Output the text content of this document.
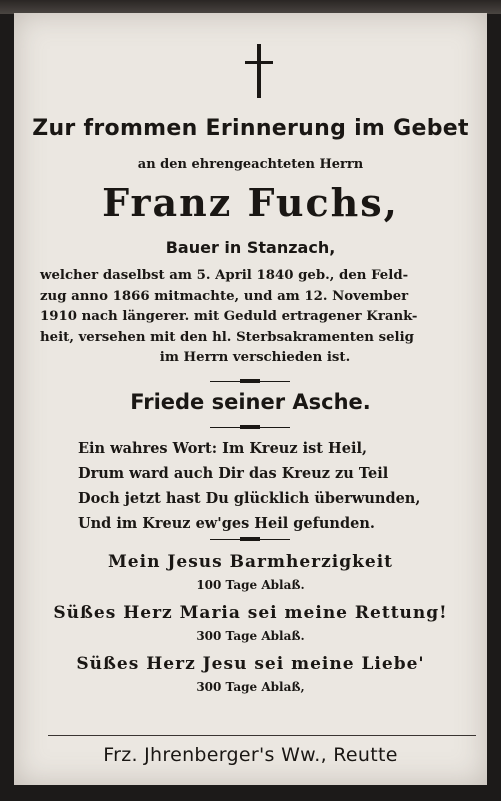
Zur frommen Erinnerung im Gebet
an den ehrengeachteten Herrn
Franz Fuchs,
Bauer in Stanzach,
welcher daselbst am 5. April 1840 geb., den Feld-
zug anno 1866 mitmachte, und am 12. November
1910 nach längerer. mit Geduld ertragener Krank-
heit, versehen mit den hl. Sterbsakramenten selig
im Herrn verschieden ist.
Friede seiner Asche.
Ein wahres Wort: Im Kreuz ist Heil,
Drum ward auch Dir das Kreuz zu Teil
Doch jetzt hast Du glücklich überwunden,
Und im Kreuz ew'ges Heil gefunden.
Mein Jesus Barmherzigkeit
100 Tage Ablaß.
Süßes Herz Maria sei meine Rettung!
300 Tage Ablaß.
Süßes Herz Jesu sei meine Liebe'
300 Tage Ablaß,
Frz. Jhrenberger's Ww., Reutte
